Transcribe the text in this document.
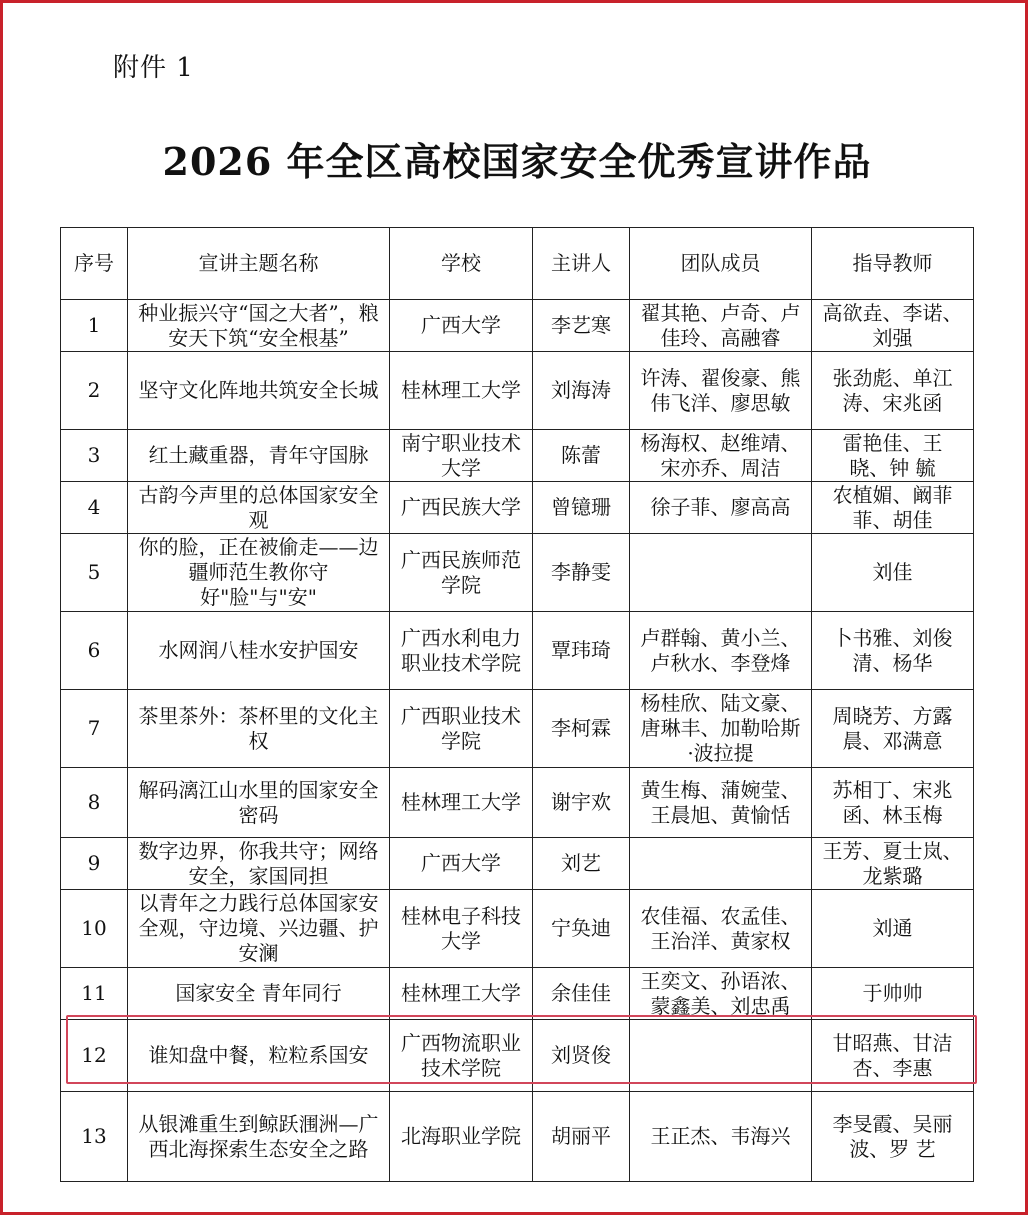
附件 1
2026 年全区高校国家安全优秀宣讲作品
序号	宣讲主题名称	学校	主讲人	团队成员	指导教师
1	种业振兴守“国之大者”，粮安天下筑“安全根基”	广西大学	李艺寒	翟其艳、卢奇、卢佳玲、高融睿	高欲垚、李诺、刘强
2	坚守文化阵地共筑安全长城	桂林理工大学	刘海涛	许涛、翟俊豪、熊伟飞洋、廖思敏	张劲彪、单江涛、宋兆函
3	红土藏重器，青年守国脉	南宁职业技术大学	陈蕾	杨海权、赵维靖、宋亦乔、周洁	雷艳佳、王 晓、钟 毓
4	古韵今声里的总体国家安全观	广西民族大学	曾镱珊	徐子菲、廖高高	农植媚、阚菲菲、胡佳
5	你的脸，正在被偷走——边疆师范生教你守好"脸"与"安"	广西民族师范学院	李静雯		刘佳
6	水网润八桂水安护国安	广西水利电力职业技术学院	覃玮琦	卢群翰、黄小兰、卢秋水、李登烽	卜书雅、刘俊清、杨华
7	茶里茶外：茶杯里的文化主权	广西职业技术学院	李柯霖	杨桂欣、陆文豪、唐琳丰、加勒哈斯·波拉提	周晓芳、方露晨、邓满意
8	解码漓江山水里的国家安全密码	桂林理工大学	谢宇欢	黄生梅、蒲婉莹、王晨旭、黄愉恬	苏相丁、宋兆函、林玉梅
9	数字边界，你我共守；网络安全，家国同担	广西大学	刘艺		王芳、夏士岚、龙紫璐
10	以青年之力践行总体国家安全观，守边境、兴边疆、护安澜	桂林电子科技大学	宁奂迪	农佳福、农孟佳、王治洋、黄家权	刘通
11	国家安全 青年同行	桂林理工大学	余佳佳	王奕文、孙语浓、蒙鑫美、刘忠禹	于帅帅
12	谁知盘中餐，粒粒系国安	广西物流职业技术学院	刘贤俊		甘昭燕、甘洁杏、李惠
13	从银滩重生到鲸跃涠洲—广西北海探索生态安全之路	北海职业学院	胡丽平	王正杰、韦海兴	李旻霞、吴丽波、罗 艺
